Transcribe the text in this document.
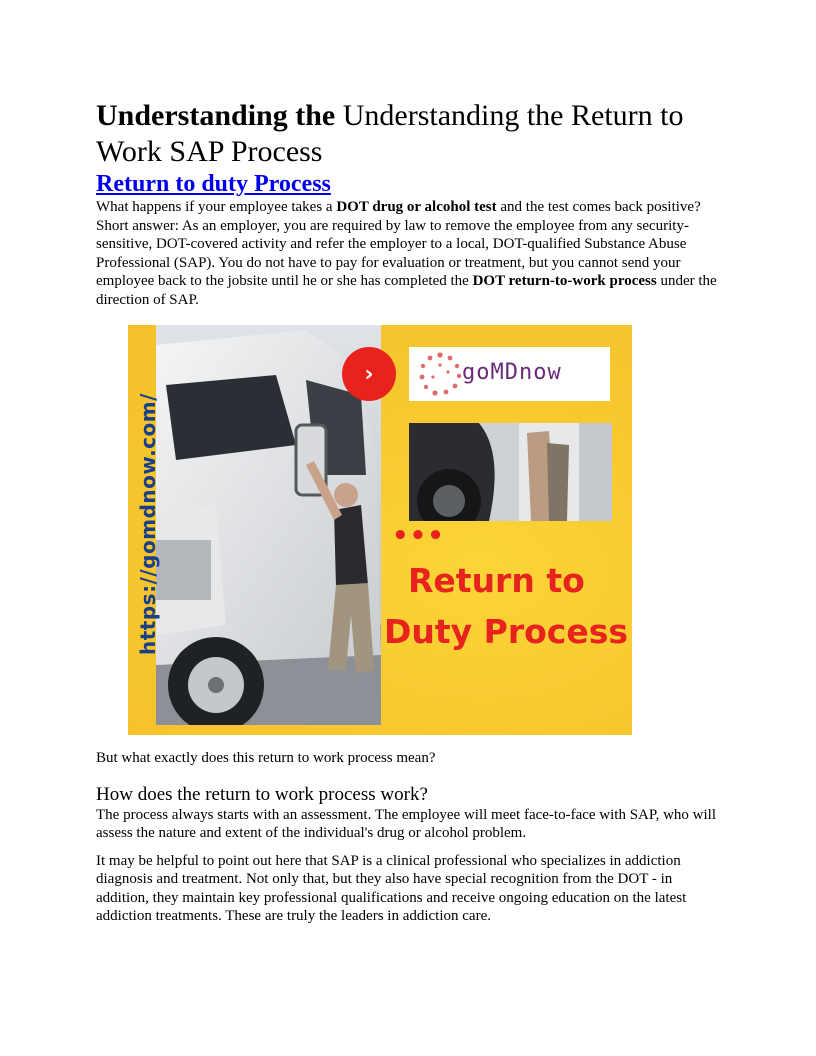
Understanding the Understanding the Return to Work SAP Process
Return to duty Process

What happens if your employee takes a DOT drug or alcohol test and the test comes back positive? Short answer: As an employer, you are required by law to remove the employee from any security-sensitive, DOT-covered activity and refer the employer to a local, DOT-qualified Substance Abuse Professional (SAP). You do not have to pay for evaluation or treatment, but you cannot send your employee back to the jobsite until he or she has completed the DOT return-to-work process under the direction of SAP.

›	goMDnow
•••
Return to
Duty Process

But what exactly does this return to work process mean?

How does the return to work process work?

The process always starts with an assessment. The employee will meet face-to-face with SAP, who will assess the nature and extent of the individual's drug or alcohol problem.

It may be helpful to point out here that SAP is a clinical professional who specializes in addiction diagnosis and treatment. Not only that, but they also have special recognition from the DOT - in addition, they maintain key professional qualifications and receive ongoing education on the latest addiction treatments. These are truly the leaders in addiction care.
